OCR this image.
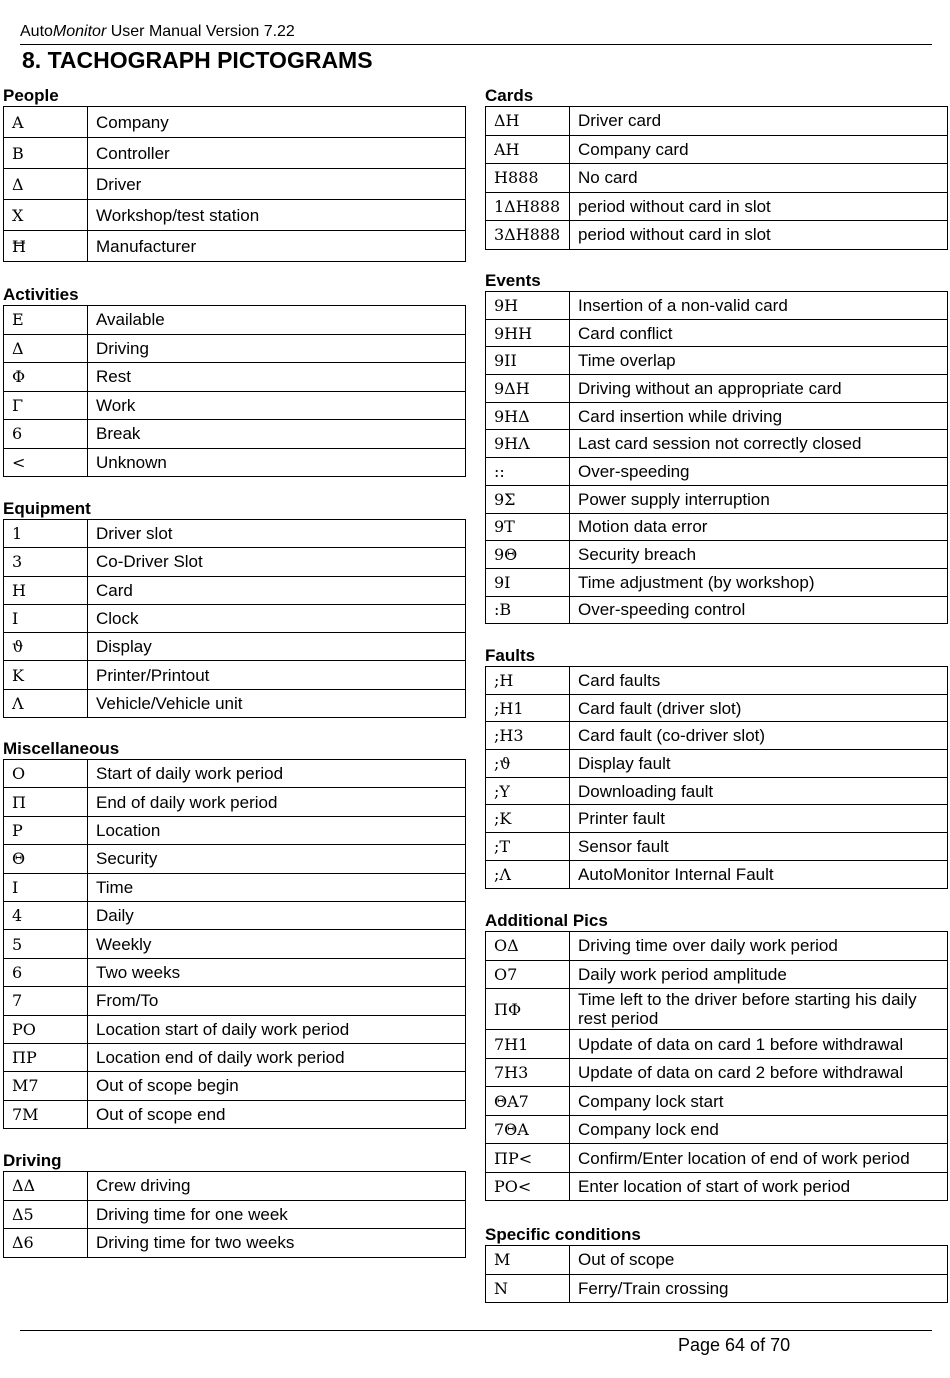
AutoMonitor User Manual Version 7.22
8. TACHOGRAPH PICTOGRAMS
People
Α	Company
Β	Controller
Δ	Driver
Χ	Workshop/test station
Ħ	Manufacturer
Activities
Ε	Available
Δ	Driving
Φ	Rest
Γ	Work
6	Break
<	Unknown
Equipment
1	Driver slot
3	Co-Driver Slot
Η	Card
Ι	Clock
ϑ	Display
Κ	Printer/Printout
Λ	Vehicle/Vehicle unit
Miscellaneous
Ο	Start of daily work period
Π	End of daily work period
Ρ	Location
Θ	Security
Ι	Time
4	Daily
5	Weekly
6	Two weeks
7	From/To
ΡΟ	Location start of daily work period
ΠΡ	Location end of daily work period
Μ7	Out of scope begin
7Μ	Out of scope end
Driving
ΔΔ	Crew driving
Δ5	Driving time for one week
Δ6	Driving time for two weeks
Cards
ΔΗ	Driver card
ΑΗ	Company card
Η888	No card
1ΔΗ888	period without card in slot
3ΔΗ888	period without card in slot
Events
9Η	Insertion of a non-valid card
9ΗΗ	Card conflict
9ΙΙ	Time overlap
9ΔΗ	Driving without an appropriate card
9ΗΔ	Card insertion while driving
9ΗΛ	Last card session not correctly closed
::	Over-speeding
9Σ	Power supply interruption
9Τ	Motion data error
9Θ	Security breach
9Ι	Time adjustment (by workshop)
:Β	Over-speeding control
Faults
;Η	Card faults
;Η1	Card fault (driver slot)
;Η3	Card fault (co-driver slot)
;ϑ	Display fault
;Υ	Downloading fault
;Κ	Printer fault
;Τ	Sensor fault
;Λ	AutoMonitor Internal Fault
Additional Pics
ΟΔ	Driving time over daily work period
Ο7	Daily work period amplitude
ΠΦ	Time left to the driver before starting his daily rest period
7Η1	Update of data on card 1 before withdrawal
7Η3	Update of data on card 2 before withdrawal
ΘΑ7	Company lock start
7ΘΑ	Company lock end
ΠΡ<	Confirm/Enter location of end of work period
ΡΟ<	Enter location of start of work period
Specific conditions
Μ	Out of scope
Ν	Ferry/Train crossing
Page 64 of 70
